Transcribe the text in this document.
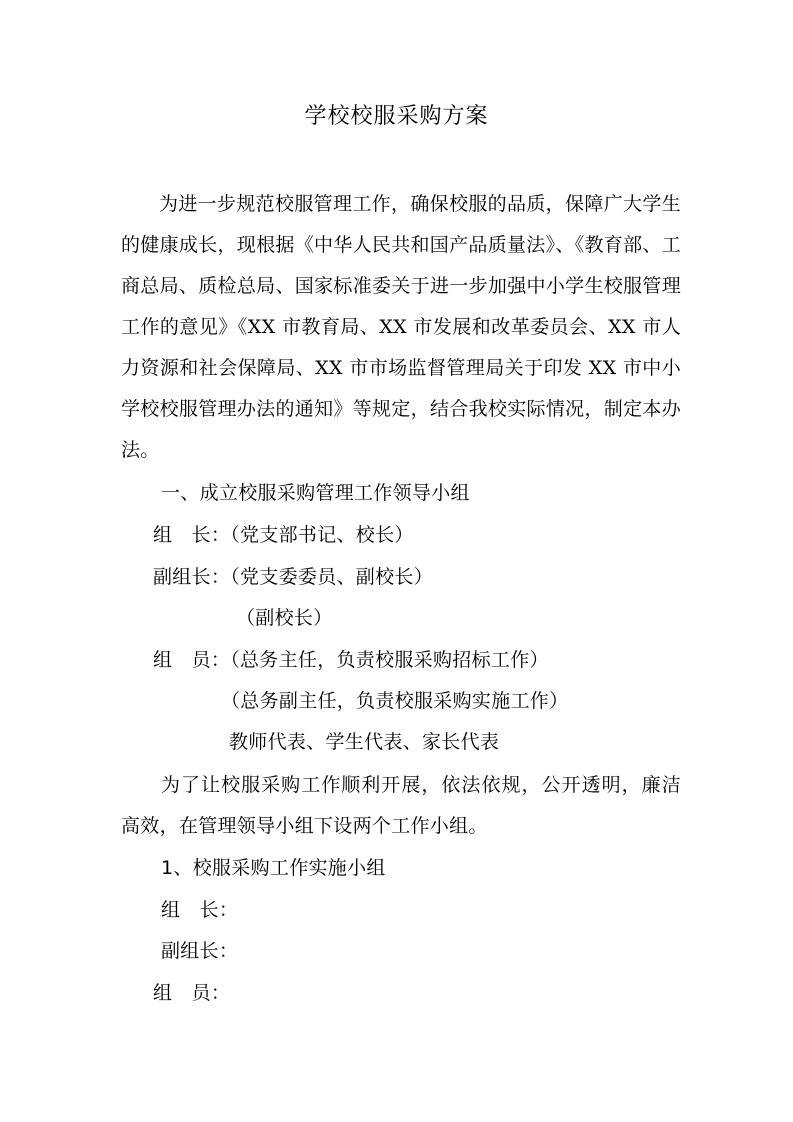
学校校服采购方案
为进一步规范校服管理工作，确保校服的品质，保障广大学生的健康成长，现根据《中华人民共和国产品质量法》、《教育部、工商总局、质检总局、国家标准委关于进一步加强中小学生校服管理工作的意见》《XX 市教育局、XX 市发展和改革委员会、XX 市人力资源和社会保障局、XX 市市场监督管理局关于印发 XX 市中小学校校服管理办法的通知》等规定，结合我校实际情况，制定本办法。
一、成立校服采购管理工作领导小组
组　长：（党支部书记、校长）
副组长：（党支委委员、副校长）
（副校长）
组　员：（总务主任，负责校服采购招标工作）
（总务副主任，负责校服采购实施工作）
教师代表、学生代表、家长代表
为了让校服采购工作顺利开展，依法依规，公开透明，廉洁高效，在管理领导小组下设两个工作小组。
1、校服采购工作实施小组
组　长：
副组长：
组　员：
